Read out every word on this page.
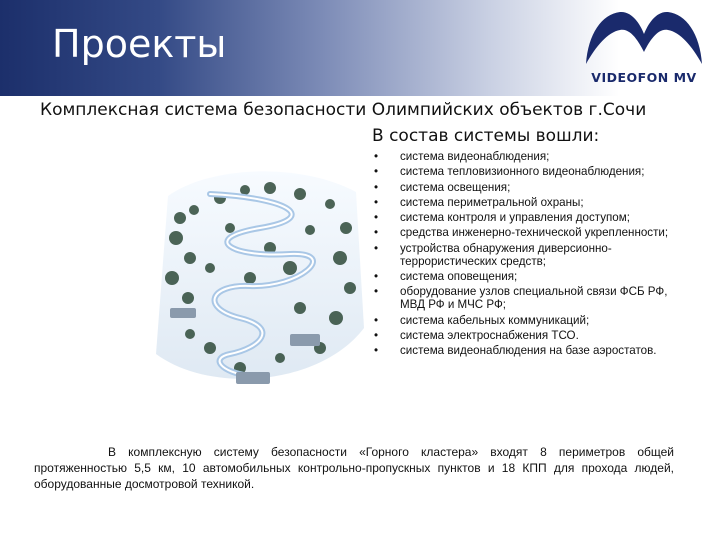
Проекты
VIDEOFON MV
Комплексная система безопасности Олимпийских объектов г.Сочи
В состав системы вошли:
• система видеонаблюдения;
• система тепловизионного видеонаблюдения;
• система освещения;
• система периметральной охраны;
• система контроля и управления доступом;
• средства инженерно-технической укрепленности;
• устройства обнаружения диверсионно-террористических средств;
• система оповещения;
• оборудование узлов специальной связи ФСБ РФ, МВД РФ и МЧС РФ;
• система кабельных коммуникаций;
• система электроснабжения ТСО.
• система видеонаблюдения на базе аэростатов.

В комплексную систему безопасности «Горного кластера» входят 8 периметров общей протяженностью 5,5 км, 10 автомобильных контрольно-пропускных пунктов и 18 КПП для прохода людей, оборудованные досмотровой техникой.
